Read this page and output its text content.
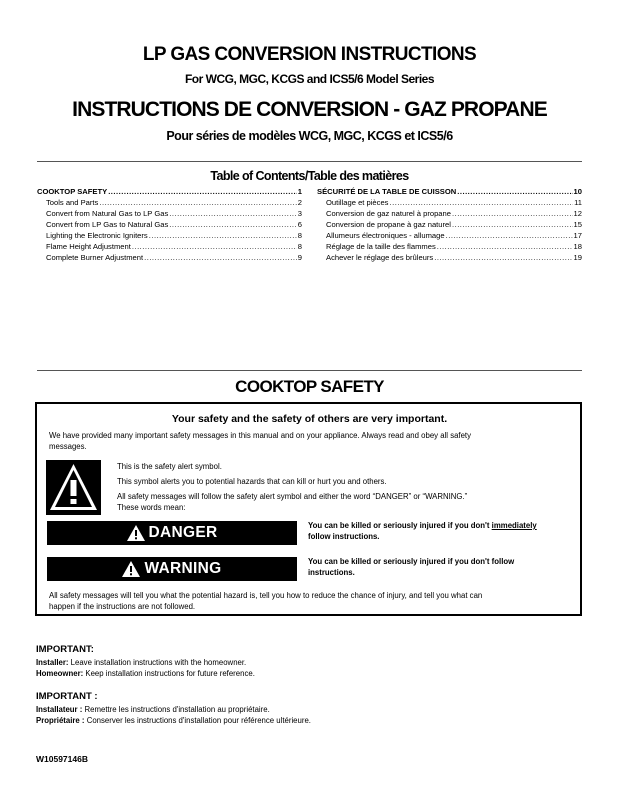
LP GAS CONVERSION INSTRUCTIONS
For WCG, MGC, KCGS and ICS5/6 Model Series
INSTRUCTIONS DE CONVERSION - GAZ PROPANE
Pour séries de modèles WCG, MGC, KCGS et ICS5/6
Table of Contents/Table des matières
COOKTOP SAFETY .....	1
Tools and Parts .....	2
Convert from Natural Gas to LP Gas .....	3
Convert from LP Gas to Natural Gas .....	6
Lighting the Electronic Igniters .....	8
Flame Height Adjustment .....	8
Complete Burner Adjustment .....	9
SÉCURITÉ DE LA TABLE DE CUISSON .....	10
Outillage et pièces .....	11
Conversion de gaz naturel à propane .....	12
Conversion de propane à gaz naturel .....	15
Allumeurs électroniques - allumage .....	17
Réglage de la taille des flammes .....	18
Achever le réglage des brûleurs .....	19
COOKTOP SAFETY
Your safety and the safety of others are very important.
We have provided many important safety messages in this manual and on your appliance. Always read and obey all safety
messages.
This is the safety alert symbol.
This symbol alerts you to potential hazards that can kill or hurt you and others.
All safety messages will follow the safety alert symbol and either the word “DANGER” or “WARNING.”
These words mean:
DANGER	You can be killed or seriously injured if you don't immediately
follow instructions.
WARNING	You can be killed or seriously injured if you don't follow
instructions.
All safety messages will tell you what the potential hazard is, tell you how to reduce the chance of injury, and tell you what can
happen if the instructions are not followed.
IMPORTANT:
Installer: Leave installation instructions with the homeowner.
Homeowner: Keep installation instructions for future reference.
IMPORTANT :
Installateur : Remettre les instructions d'installation au propriétaire.
Propriétaire : Conserver les instructions d'installation pour référence ultérieure.
W10597146B
